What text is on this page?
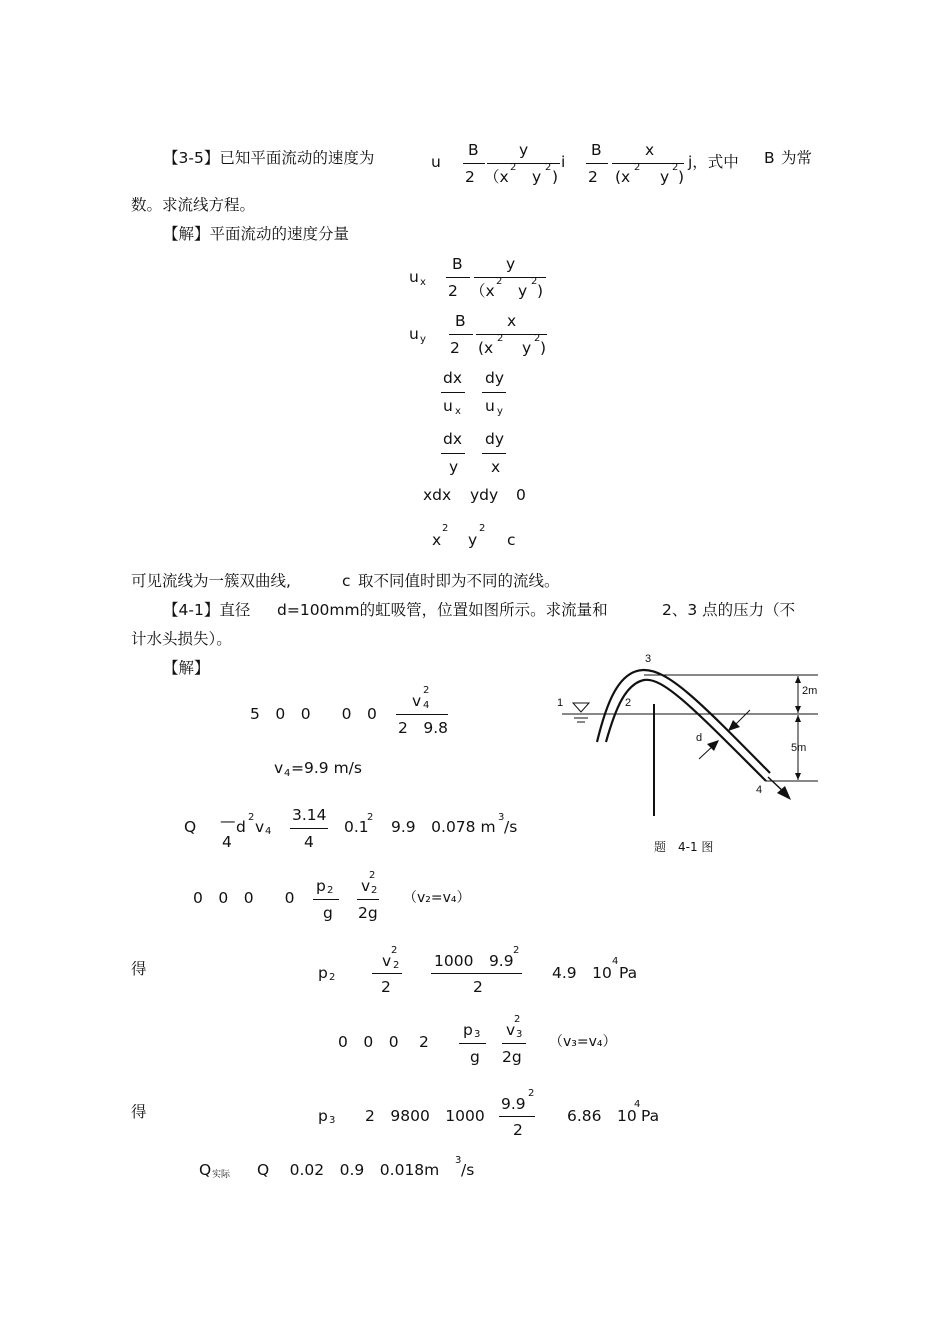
【3-5】已知平面流动的速度为	u
B
2
y
（x
2
y
2
)
i
B
2
x
(x
2
y
2
)
j，式中 B 为常
数。求流线方程。
【解】平面流动的速度分量
u x
B
2
y
（x
2
y
2
)
u y
B
2
x
(x
2
y
2
)
dx
u x
dy
u y
dx
y
dy
x
xdx ydy 0
x
2
y
2
c
可见流线为一簇双曲线,	c 取不同值时即为不同的流线。
【4-1】直径 d=100mm的虹吸管，位置如图所示。求流量和	2、3 点的压力（不
计水头损失）。
【解】
5　0　0　　0　0
v
2
4
2　9.8
v 4 =9.9 m/s
Q —
4
d
2
v 4
3.14
4
0.1
2
9.9　0.078 m
3
/s
0　0　0　　0
p 2
g
v
2
2
2g
（v₂=v₄）
得	p 2
v
2
2
2
1000　9.9
2
2
4.9　10
4
Pa
0　0　0　 2
p 3
g
v
2
3
2g
（v₃=v₄）
得	p 3 2　9800　1000
9.9
2
2
6.86　10
4
Pa
Q 实际 Q　 0.02　0.9　0.018m
3
/s
1	2
3
4
d
2m
5m
题　4-1 图
